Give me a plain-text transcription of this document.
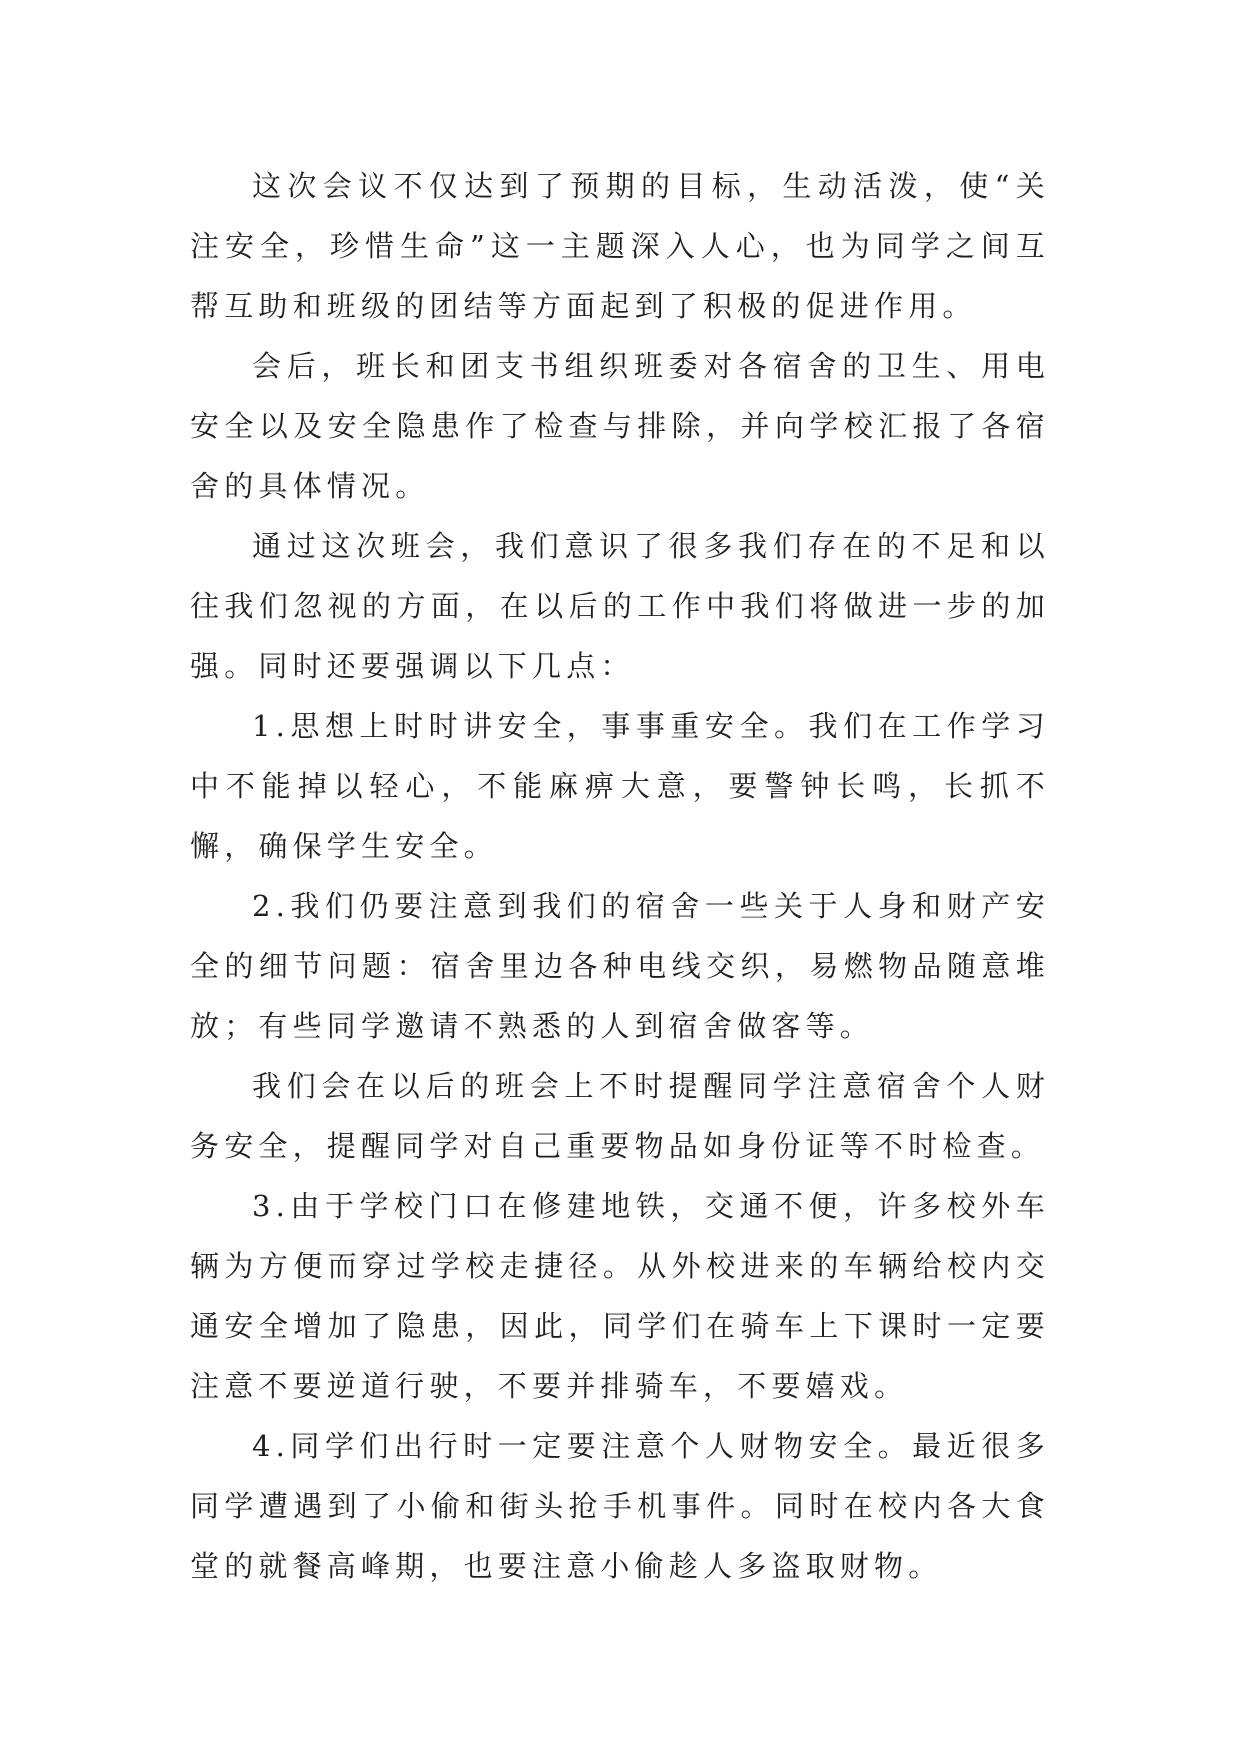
这次会议不仅达到了预期的目标，生动活泼，使“关注安全，珍惜生命”这一主题深入人心，也为同学之间互帮互助和班级的团结等方面起到了积极的促进作用。

会后，班长和团支书组织班委对各宿舍的卫生、用电安全以及安全隐患作了检查与排除，并向学校汇报了各宿舍的具体情况。

通过这次班会，我们意识了很多我们存在的不足和以往我们忽视的方面，在以后的工作中我们将做进一步的加强。同时还要强调以下几点：

1.思想上时时讲安全，事事重安全。我们在工作学习中不能掉以轻心，不能麻痹大意，要警钟长鸣，长抓不懈，确保学生安全。

2.我们仍要注意到我们的宿舍一些关于人身和财产安全的细节问题：宿舍里边各种电线交织，易燃物品随意堆放；有些同学邀请不熟悉的人到宿舍做客等。

我们会在以后的班会上不时提醒同学注意宿舍个人财务安全，提醒同学对自己重要物品如身份证等不时检查。

3.由于学校门口在修建地铁，交通不便，许多校外车辆为方便而穿过学校走捷径。从外校进来的车辆给校内交通安全增加了隐患，因此，同学们在骑车上下课时一定要注意不要逆道行驶，不要并排骑车，不要嬉戏。

4.同学们出行时一定要注意个人财物安全。最近很多同学遭遇到了小偷和街头抢手机事件。同时在校内各大食堂的就餐高峰期，也要注意小偷趁人多盗取财物。
